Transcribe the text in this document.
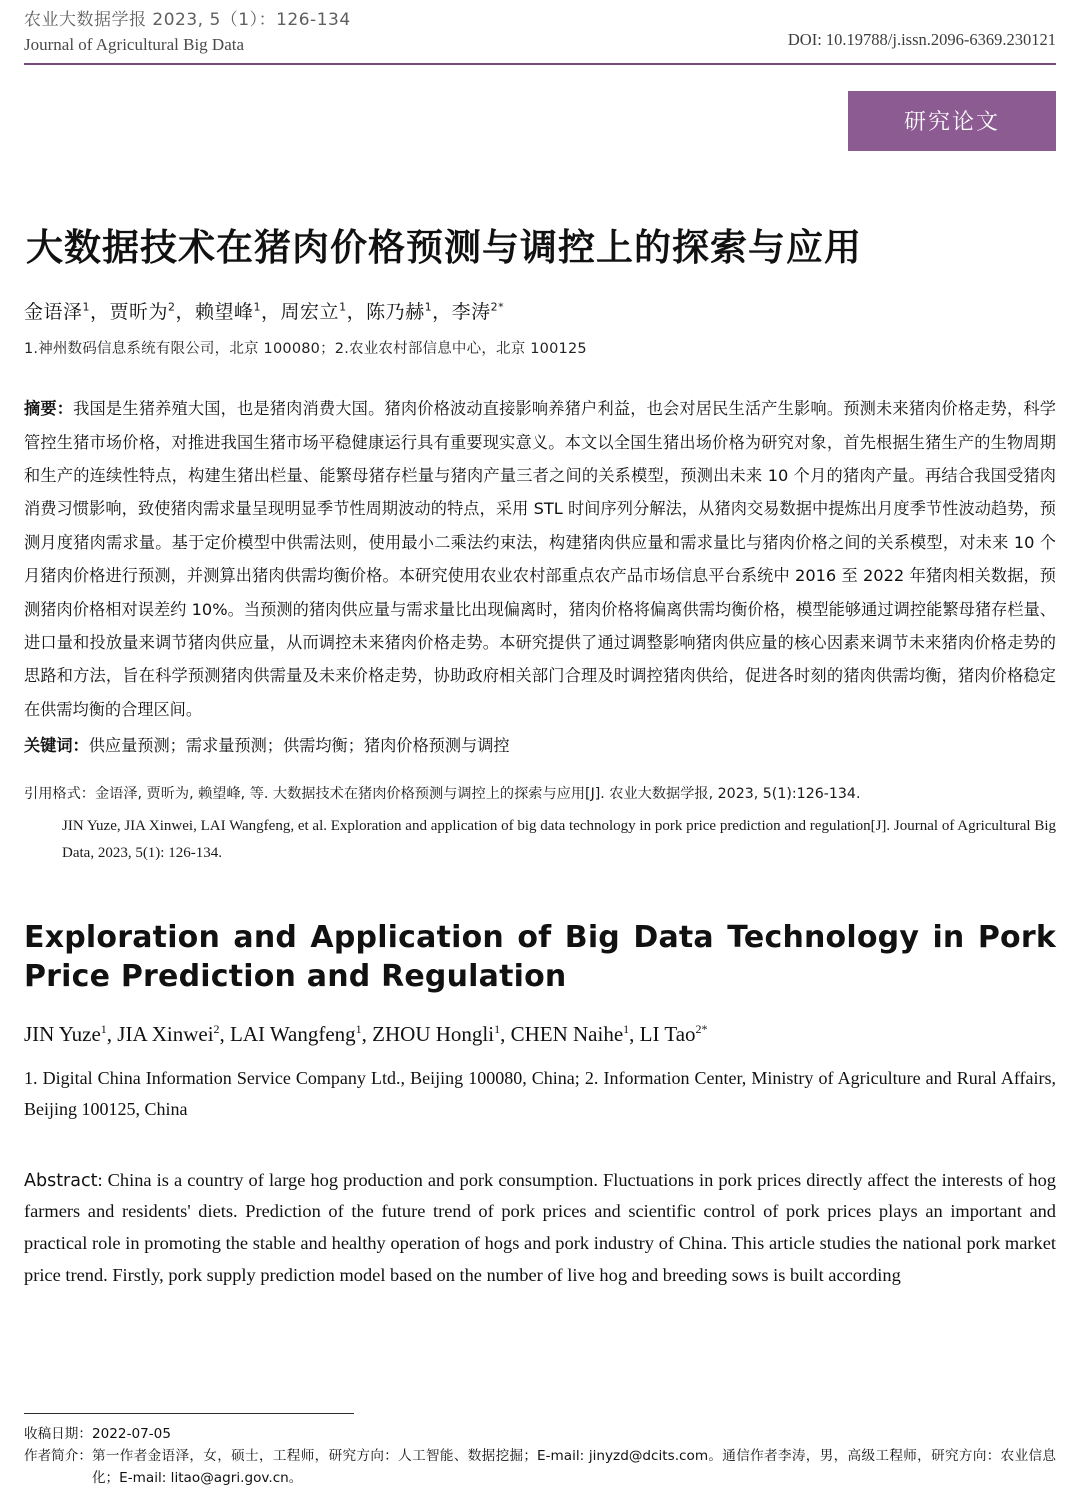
农业大数据学报 2023, 5（1）：126-134
Journal of Agricultural Big Data	DOI: 10.19788/j.issn.2096-6369.230121
研究论文
大数据技术在猪肉价格预测与调控上的探索与应用
金语泽$^1$，贾昕为$^2$，赖望峰$^1$，周宏立$^1$，陈乃赫$^1$，李涛$^{2*}$
1.神州数码信息系统有限公司，北京 100080；2.农业农村部信息中心，北京 100125
摘要：我国是生猪养殖大国，也是猪肉消费大国。猪肉价格波动直接影响养猪户利益，也会对居民生活产生影响。预测未来猪肉价格走势，科学管控生猪市场价格，对推进我国生猪市场平稳健康运行具有重要现实意义。本文以全国生猪出场价格为研究对象，首先根据生猪生产的生物周期和生产的连续性特点，构建生猪出栏量、能繁母猪存栏量与猪肉产量三者之间的关系模型，预测出未来 10 个月的猪肉产量。再结合我国受猪肉消费习惯影响，致使猪肉需求量呈现明显季节性周期波动的特点，采用 STL 时间序列分解法，从猪肉交易数据中提炼出月度季节性波动趋势，预测月度猪肉需求量。基于定价模型中供需法则，使用最小二乘法约束法，构建猪肉供应量和需求量比与猪肉价格之间的关系模型，对未来 10 个月猪肉价格进行预测，并测算出猪肉供需均衡价格。本研究使用农业农村部重点农产品市场信息平台系统中 2016 至 2022 年猪肉相关数据，预测猪肉价格相对误差约 10%。当预测的猪肉供应量与需求量比出现偏离时，猪肉价格将偏离供需均衡价格，模型能够通过调控能繁母猪存栏量、进口量和投放量来调节猪肉供应量，从而调控未来猪肉价格走势。本研究提供了通过调整影响猪肉供应量的核心因素来调节未来猪肉价格走势的思路和方法，旨在科学预测猪肉供需量及未来价格走势，协助政府相关部门合理及时调控猪肉供给，促进各时刻的猪肉供需均衡，猪肉价格稳定在供需均衡的合理区间。
关键词：供应量预测；需求量预测；供需均衡；猪肉价格预测与调控
引用格式：金语泽, 贾昕为, 赖望峰, 等. 大数据技术在猪肉价格预测与调控上的探索与应用[J]. 农业大数据学报, 2023, 5(1):126-134.
JIN Yuze, JIA Xinwei, LAI Wangfeng, et al. Exploration and application of big data technology in pork price prediction and regulation[J]. Journal of Agricultural Big Data, 2023, 5(1): 126-134.
Exploration and Application of Big Data Technology in Pork Price Prediction and Regulation
JIN Yuze$^1$, JIA Xinwei$^2$, LAI Wangfeng$^1$, ZHOU Hongli$^1$, CHEN Naihe$^1$, LI Tao$^{2*}$
1. Digital China Information Service Company Ltd., Beijing 100080, China; 2. Information Center, Ministry of Agriculture and Rural Affairs, Beijing 100125, China
Abstract: China is a country of large hog production and pork consumption. Fluctuations in pork prices directly affect the interests of hog farmers and residents' diets. Prediction of the future trend of pork prices and scientific control of pork prices plays an important and practical role in promoting the stable and healthy operation of hogs and pork industry of China. This article studies the national pork market price trend. Firstly, pork supply prediction model based on the number of live hog and breeding sows is built according
收稿日期：2022-07-05
作者简介： 第一作者金语泽，女，硕士，工程师，研究方向：人工智能、数据挖掘；E-mail: jinyzd@dcits.com。通信作者李涛，男，高级工程师，研究方向：农业信息化；E-mail: litao@agri.gov.cn。
